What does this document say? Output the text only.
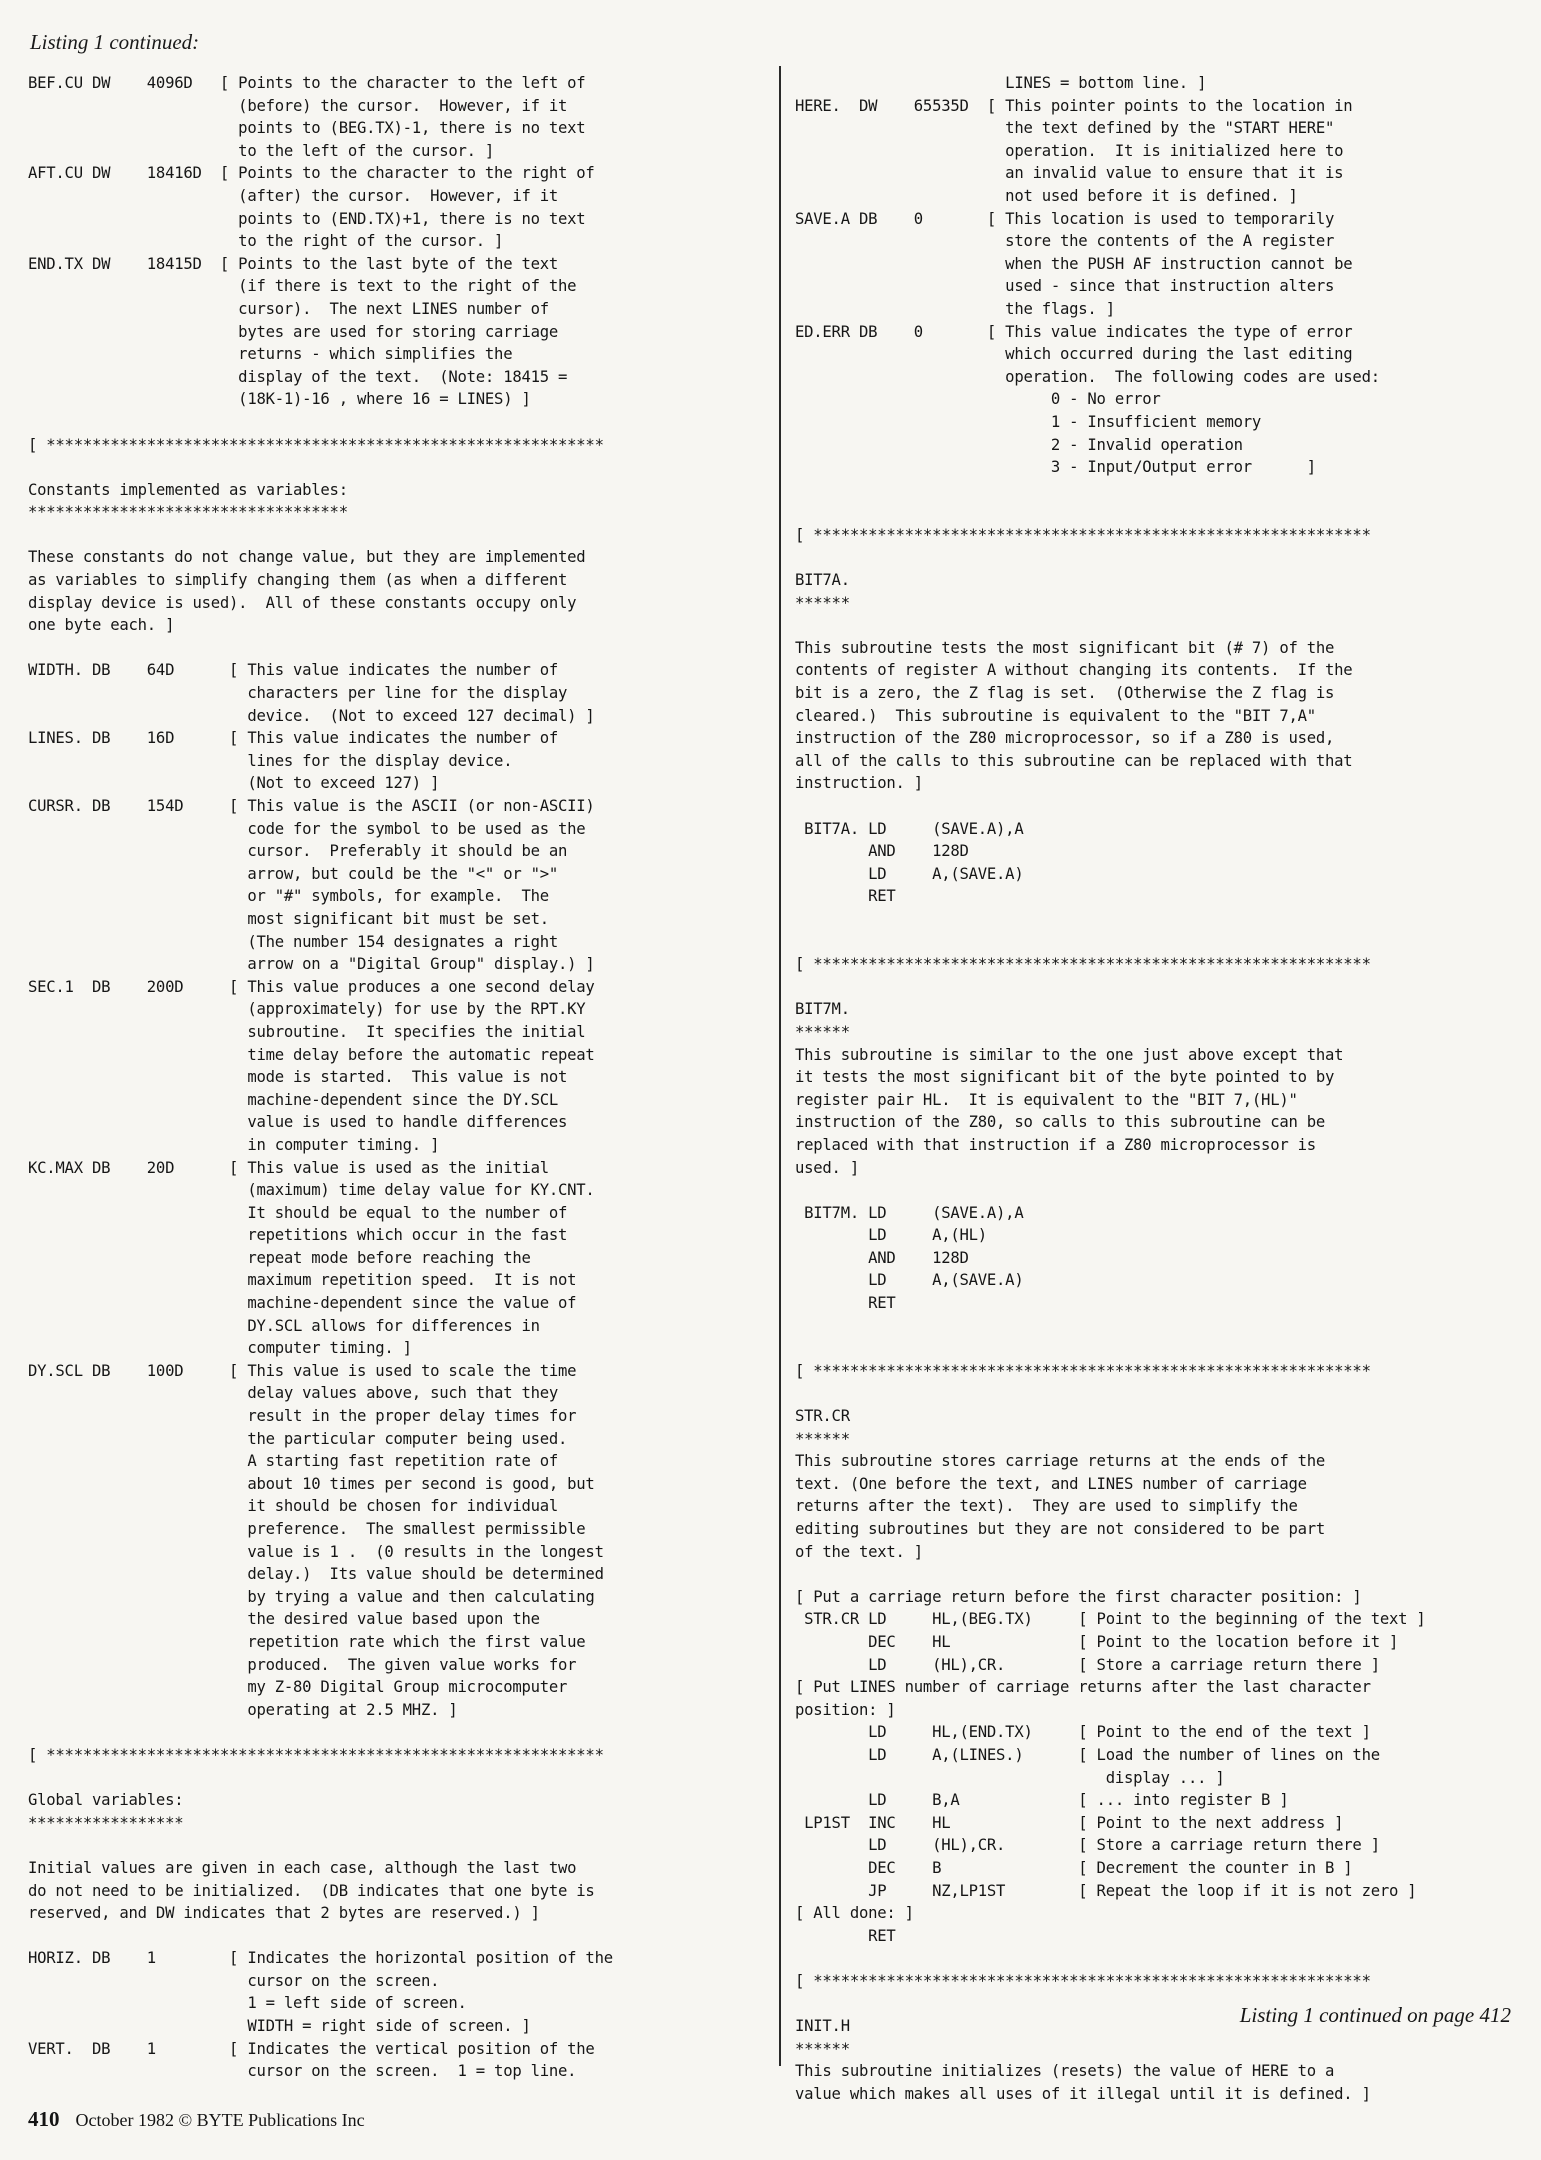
Listing 1 continued:
BEF.CU DW    4096D   [ Points to the character to the left of
(before) the cursor.  However, if it
points to (BEG.TX)-1, there is no text
to the left of the cursor. ]
AFT.CU DW    18416D  [ Points to the character to the right of
(after) the cursor.  However, if it
points to (END.TX)+1, there is no text
to the right of the cursor. ]
END.TX DW    18415D  [ Points to the last byte of the text
(if there is text to the right of the
cursor).  The next LINES number of
bytes are used for storing carriage
returns - which simplifies the
display of the text.  (Note: 18415 =
(18K-1)-16 , where 16 = LINES) ]

[ *************************************************************

Constants implemented as variables:
***********************************

These constants do not change value, but they are implemented
as variables to simplify changing them (as when a different
display device is used).  All of these constants occupy only
one byte each. ]

WIDTH. DB    64D      [ This value indicates the number of
characters per line for the display
device.  (Not to exceed 127 decimal) ]
LINES. DB    16D      [ This value indicates the number of
lines for the display device.
(Not to exceed 127) ]
CURSR. DB    154D     [ This value is the ASCII (or non-ASCII)
code for the symbol to be used as the
cursor.  Preferably it should be an
arrow, but could be the "<" or ">"
or "#" symbols, for example.  The
most significant bit must be set.
(The number 154 designates a right
arrow on a "Digital Group" display.) ]
SEC.1  DB    200D     [ This value produces a one second delay
(approximately) for use by the RPT.KY
subroutine.  It specifies the initial
time delay before the automatic repeat
mode is started.  This value is not
machine-dependent since the DY.SCL
value is used to handle differences
in computer timing. ]
KC.MAX DB    20D      [ This value is used as the initial
(maximum) time delay value for KY.CNT.
It should be equal to the number of
repetitions which occur in the fast
repeat mode before reaching the
maximum repetition speed.  It is not
machine-dependent since the value of
DY.SCL allows for differences in
computer timing. ]
DY.SCL DB    100D     [ This value is used to scale the time
delay values above, such that they
result in the proper delay times for
the particular computer being used.
A starting fast repetition rate of
about 10 times per second is good, but
it should be chosen for individual
preference.  The smallest permissible
value is 1 .  (0 results in the longest
delay.)  Its value should be determined
by trying a value and then calculating
the desired value based upon the
repetition rate which the first value
produced.  The given value works for
my Z-80 Digital Group microcomputer
operating at 2.5 MHZ. ]

[ *************************************************************

Global variables:
*****************

Initial values are given in each case, although the last two
do not need to be initialized.  (DB indicates that one byte is
reserved, and DW indicates that 2 bytes are reserved.) ]

HORIZ. DB    1        [ Indicates the horizontal position of the
cursor on the screen.
1 = left side of screen.
WIDTH = right side of screen. ]
VERT.  DB    1        [ Indicates the vertical position of the
cursor on the screen.  1 = top line.
LINES = bottom line. ]
HERE.  DW    65535D  [ This pointer points to the location in
the text defined by the "START HERE"
operation.  It is initialized here to
an invalid value to ensure that it is
not used before it is defined. ]
SAVE.A DB    0       [ This location is used to temporarily
store the contents of the A register
when the PUSH AF instruction cannot be
used - since that instruction alters
the flags. ]
ED.ERR DB    0       [ This value indicates the type of error
which occurred during the last editing
operation.  The following codes are used:
0 - No error
1 - Insufficient memory
2 - Invalid operation
3 - Input/Output error      ]

[ *************************************************************

BIT7A.
******

This subroutine tests the most significant bit (# 7) of the
contents of register A without changing its contents.  If the
bit is a zero, the Z flag is set.  (Otherwise the Z flag is
cleared.)  This subroutine is equivalent to the "BIT 7,A"
instruction of the Z80 microprocessor, so if a Z80 is used,
all of the calls to this subroutine can be replaced with that
instruction. ]

BIT7A. LD     (SAVE.A),A
AND    128D
LD     A,(SAVE.A)
RET

[ *************************************************************

BIT7M.
******
This subroutine is similar to the one just above except that
it tests the most significant bit of the byte pointed to by
register pair HL.  It is equivalent to the "BIT 7,(HL)"
instruction of the Z80, so calls to this subroutine can be
replaced with that instruction if a Z80 microprocessor is
used. ]

BIT7M. LD     (SAVE.A),A
LD     A,(HL)
AND    128D
LD     A,(SAVE.A)
RET

[ *************************************************************

STR.CR
******
This subroutine stores carriage returns at the ends of the
text. (One before the text, and LINES number of carriage
returns after the text).  They are used to simplify the
editing subroutines but they are not considered to be part
of the text. ]

[ Put a carriage return before the first character position: ]
STR.CR LD     HL,(BEG.TX)     [ Point to the beginning of the text ]
DEC    HL              [ Point to the location before it ]
LD     (HL),CR.        [ Store a carriage return there ]
[ Put LINES number of carriage returns after the last character
position: ]
LD     HL,(END.TX)     [ Point to the end of the text ]
LD     A,(LINES.)      [ Load the number of lines on the
display ... ]
LD     B,A             [ ... into register B ]
LP1ST  INC    HL              [ Point to the next address ]
LD     (HL),CR.        [ Store a carriage return there ]
DEC    B               [ Decrement the counter in B ]
JP     NZ,LP1ST        [ Repeat the loop if it is not zero ]
[ All done: ]
RET

[ *************************************************************

INIT.H
******
This subroutine initializes (resets) the value of HERE to a
value which makes all uses of it illegal until it is defined. ]
Listing 1 continued on page 412
410 October 1982 © BYTE Publications Inc
